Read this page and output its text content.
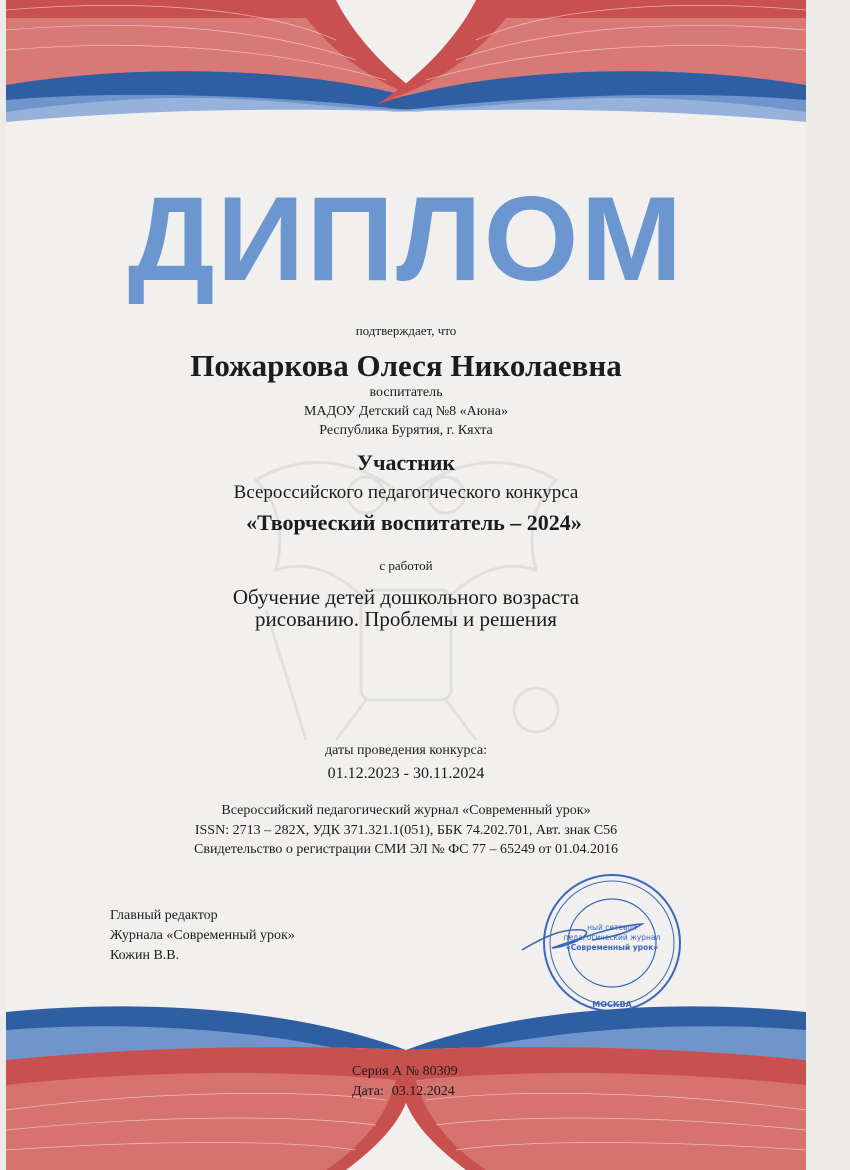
ДИПЛОМ
подтверждает, что
Пожаркова Олеся Николаевна
воспитатель
МАДОУ Детский сад №8 «Аюна»
Республика Бурятия, г. Кяхта
Участник
Всероссийского педагогического конкурса
«Творческий воспитатель – 2024»
с работой
Обучение детей дошкольного возраста
рисованию. Проблемы и решения
даты проведения конкурса:
01.12.2023 - 30.11.2024
Всероссийский педагогический журнал «Современный урок»
ISSN: 2713 – 282X, УДК 371.321.1(051), ББК 74.202.701, Авт. знак С56
Свидетельство о регистрации СМИ ЭЛ № ФС 77 – 65249 от 01.04.2016
Главный редактор
Журнала «Современный урок»
Кожин В.В.
ный сетевой
педагогический журнал
«Современный урок»
МОСКВА
Серия А № 80309
Дата: 03.12.2024
